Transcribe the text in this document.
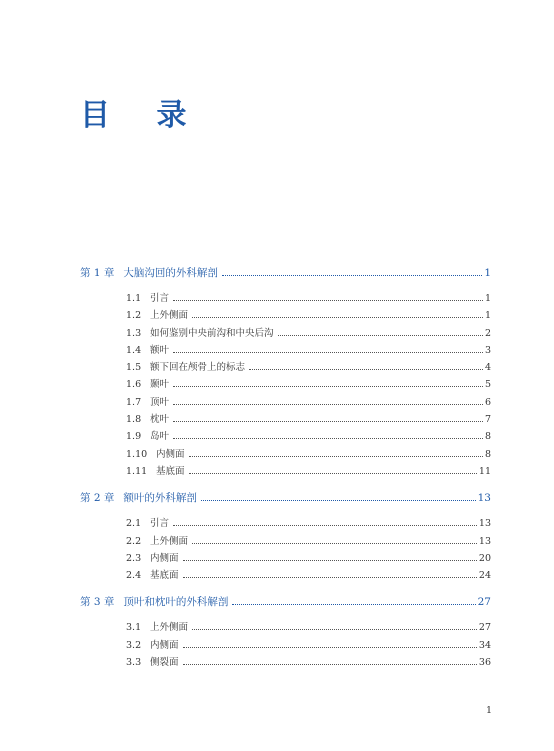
目 录
第 1 章 大脑沟回的外科解剖	1
1.1 引言	1
1.2 上外侧面	1
1.3 如何鉴别中央前沟和中央后沟	2
1.4 额叶	3
1.5 额下回在颅骨上的标志	4
1.6 颞叶	5
1.7 顶叶	6
1.8 枕叶	7
1.9 岛叶	8
1.10 内侧面	8
1.11 基底面	11
第 2 章 额叶的外科解剖	13
2.1 引言	13
2.2 上外侧面	13
2.3 内侧面	20
2.4 基底面	24
第 3 章 顶叶和枕叶的外科解剖	27
3.1 上外侧面	27
3.2 内侧面	34
3.3 侧裂面	36
1
